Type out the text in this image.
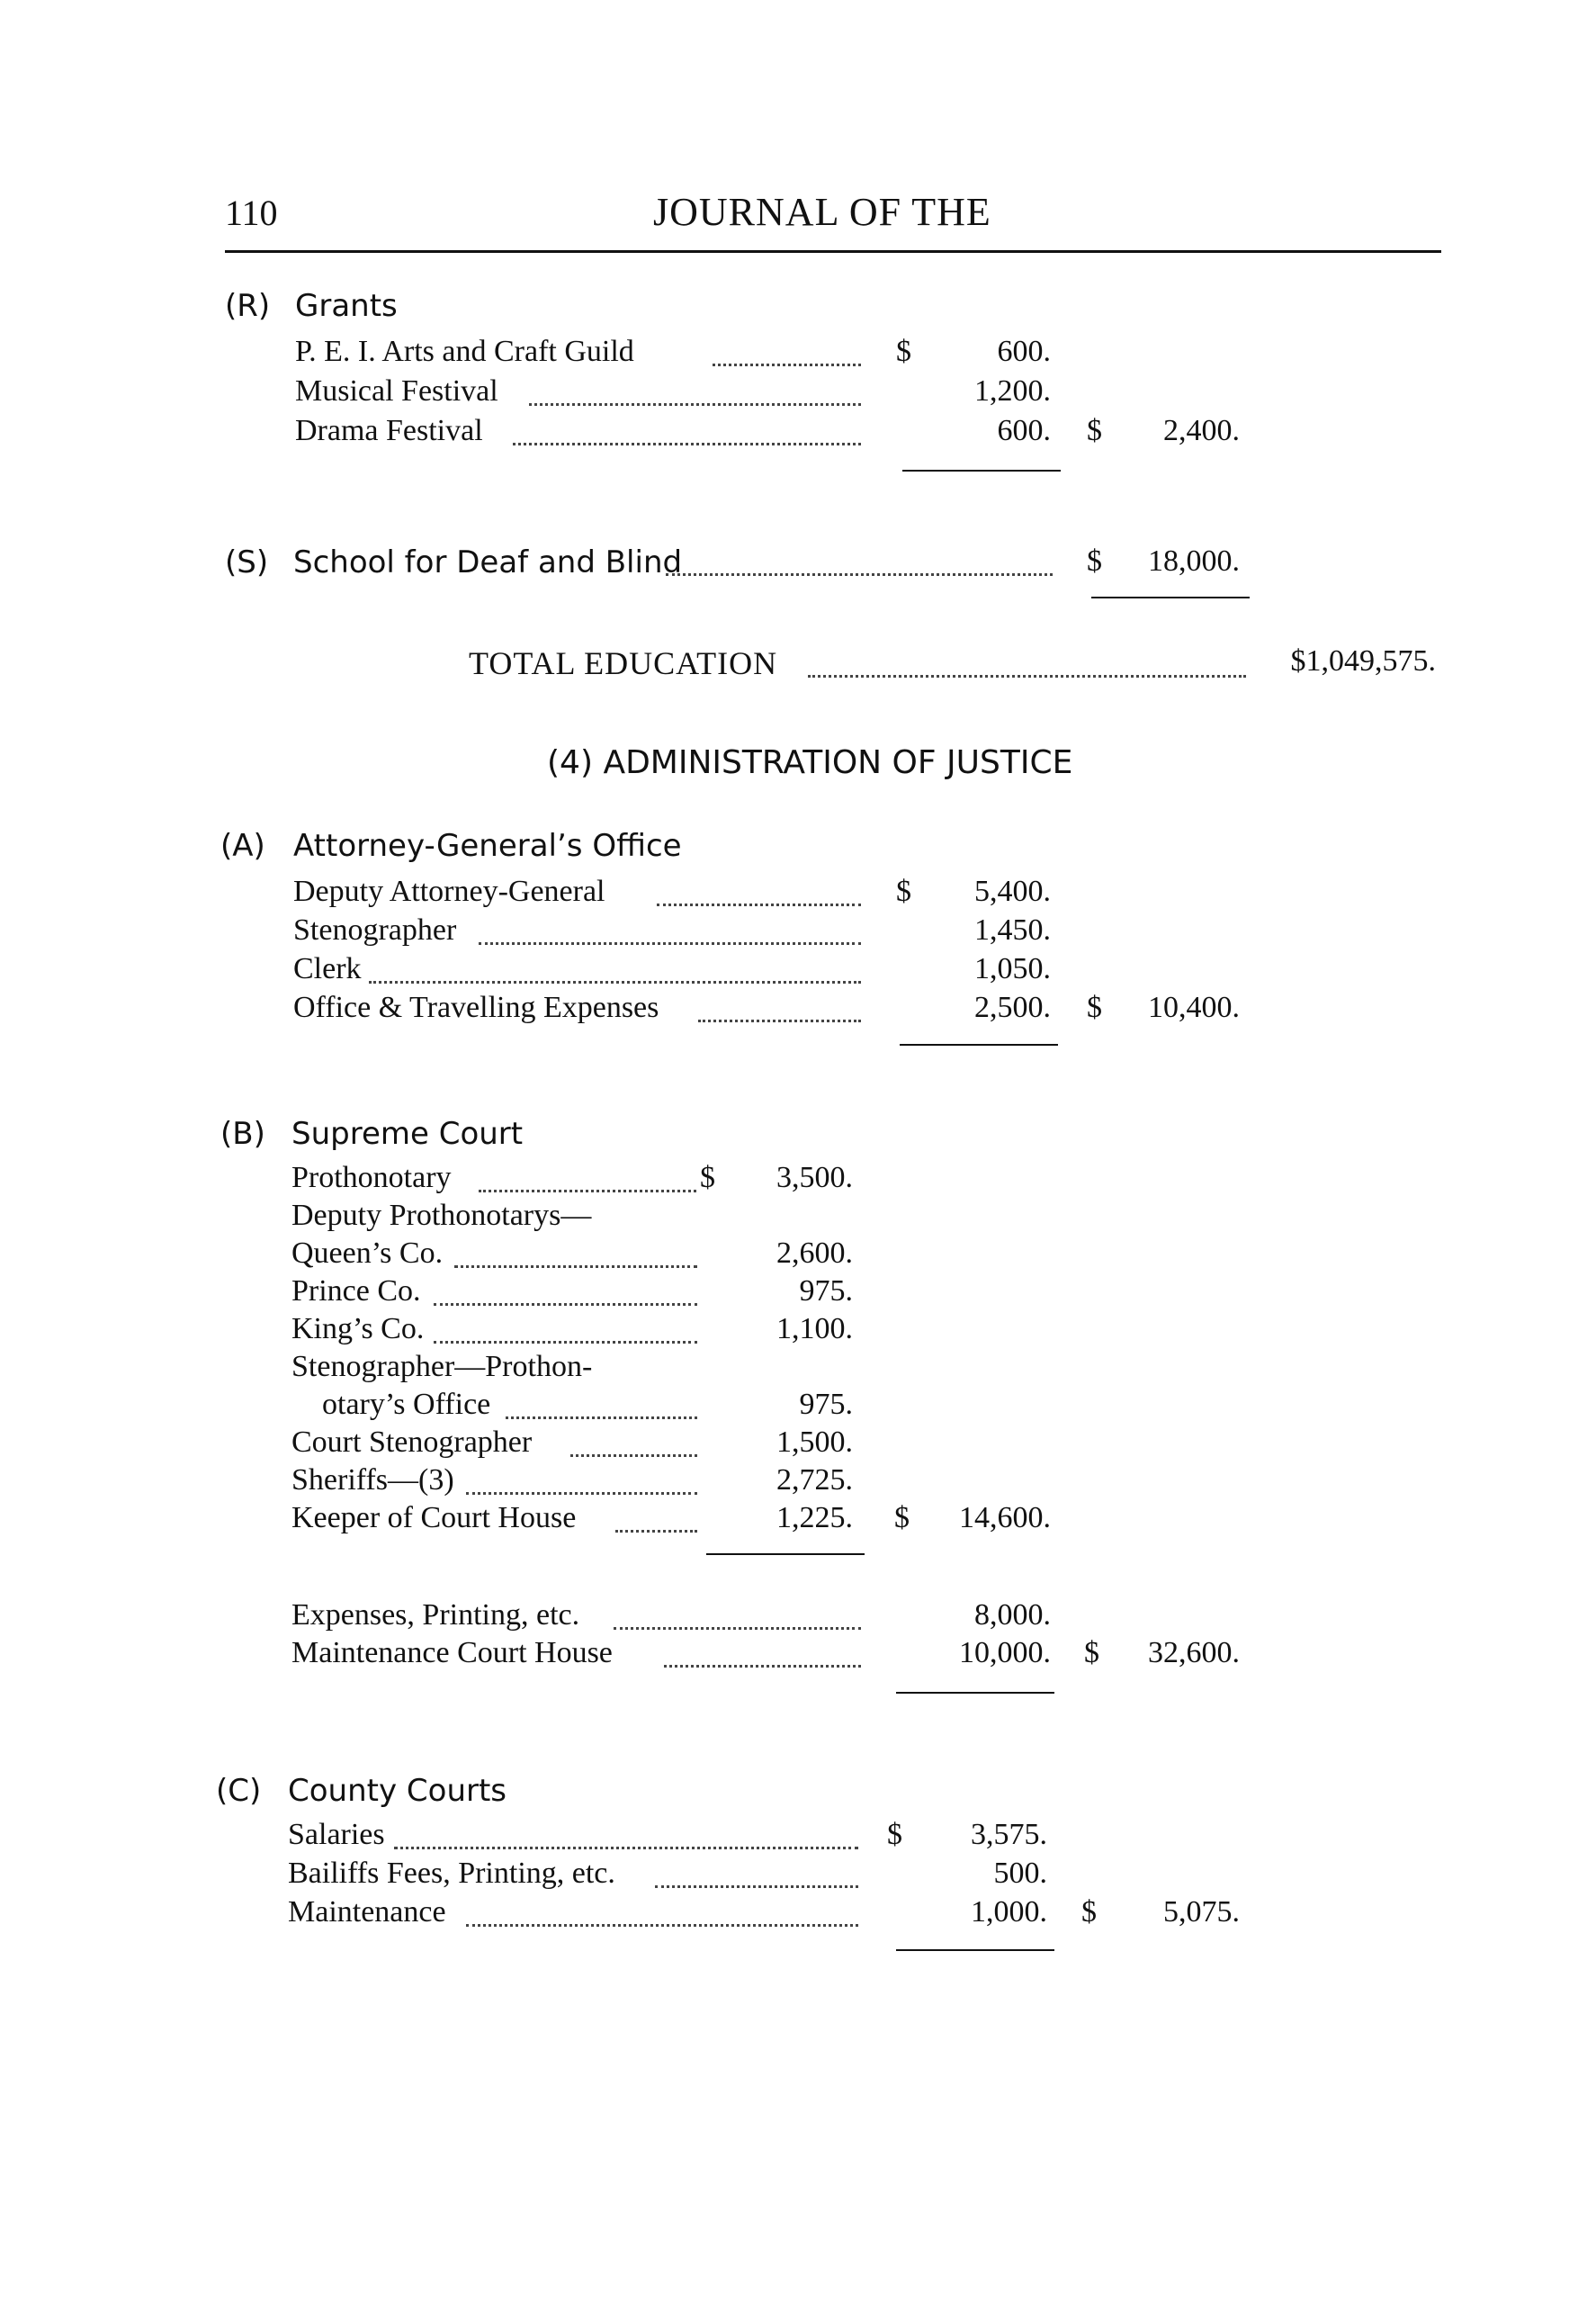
110	JOURNAL OF THE
(R) Grants
P. E. I. Arts and Craft Guild	$	600.
Musical Festival	1,200.
Drama Festival	600. $	2,400.
(S) School for Deaf and Blind	$	18,000.
TOTAL EDUCATION	$1,049,575.
(4) ADMINISTRATION OF JUSTICE
(A) Attorney-General’s Office
Deputy Attorney-General	$	5,400.
Stenographer	1,450.
Clerk	1,050.
Office & Travelling Expenses	2,500. $	10,400.
(B) Supreme Court
Prothonotary	$	3,500.
Deputy Prothonotarys—
Queen’s Co.	2,600.
Prince Co.	975.
King’s Co.	1,100.
Stenographer—Prothon-
otary’s Office	975.
Court Stenographer	1,500.
Sheriffs—(3)	2,725.
Keeper of Court House	1,225. $	14,600.
Expenses, Printing, etc.	8,000.
Maintenance Court House	10,000. $	32,600.
(C) County Courts
Salaries	$	3,575.
Bailiffs Fees, Printing, etc.	500.
Maintenance	1,000. $	5,075.
